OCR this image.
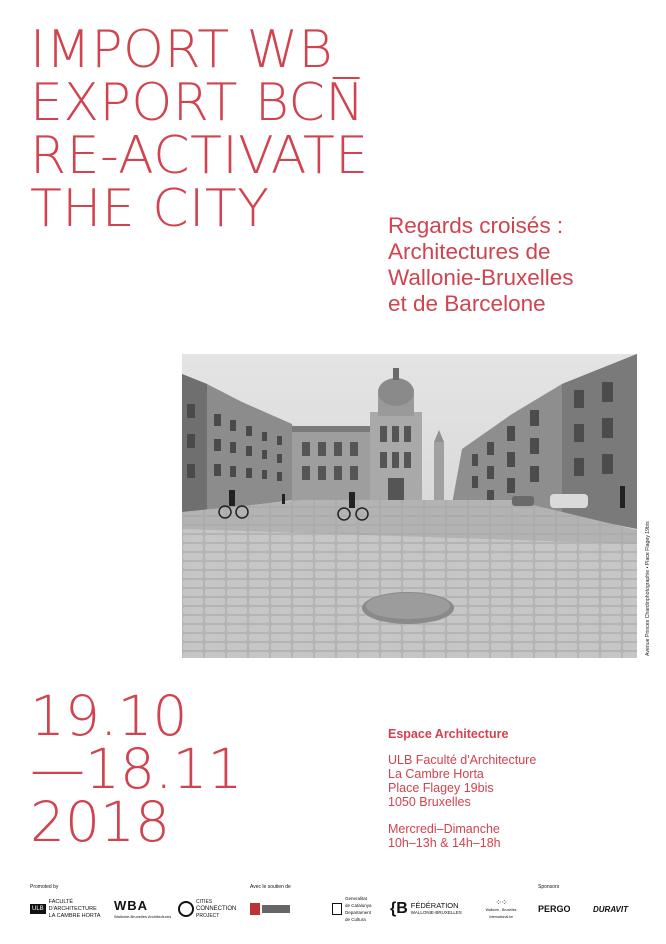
IMPORT WB_
EXPORT BCN
RE-ACTIVATE
THE CITY	Regards croisés :
Architectures de
Wallonie-Bruxelles
et de Barcelone
Avenue Princes Chardinphotographie • Place Flagey 19bis
19.10
—18.11
2018
Espace Architecture
ULB Faculté d'Architecture
La Cambre Horta
Place Flagey 19bis
1050 Bruxelles
Mercredi–Dimanche
10h–13h & 14h–18h
Promoted by	Avec le soutien de	Sponsors
ULB
FACULTÉ
D'ARCHITECTURE
LA CAMBRE HORTA
WBA
Wallonie-Bruxelles Architectures
CITIES
CONNECTION
PROJECT
Generalitat
de Catalunya
Departament
de Cultura
{B FÉDÉRATION
WALLONIE-BRUXELLES
⁘⁘
Wallonie - Bruxelles International.be
PERGO	DURAVIT
